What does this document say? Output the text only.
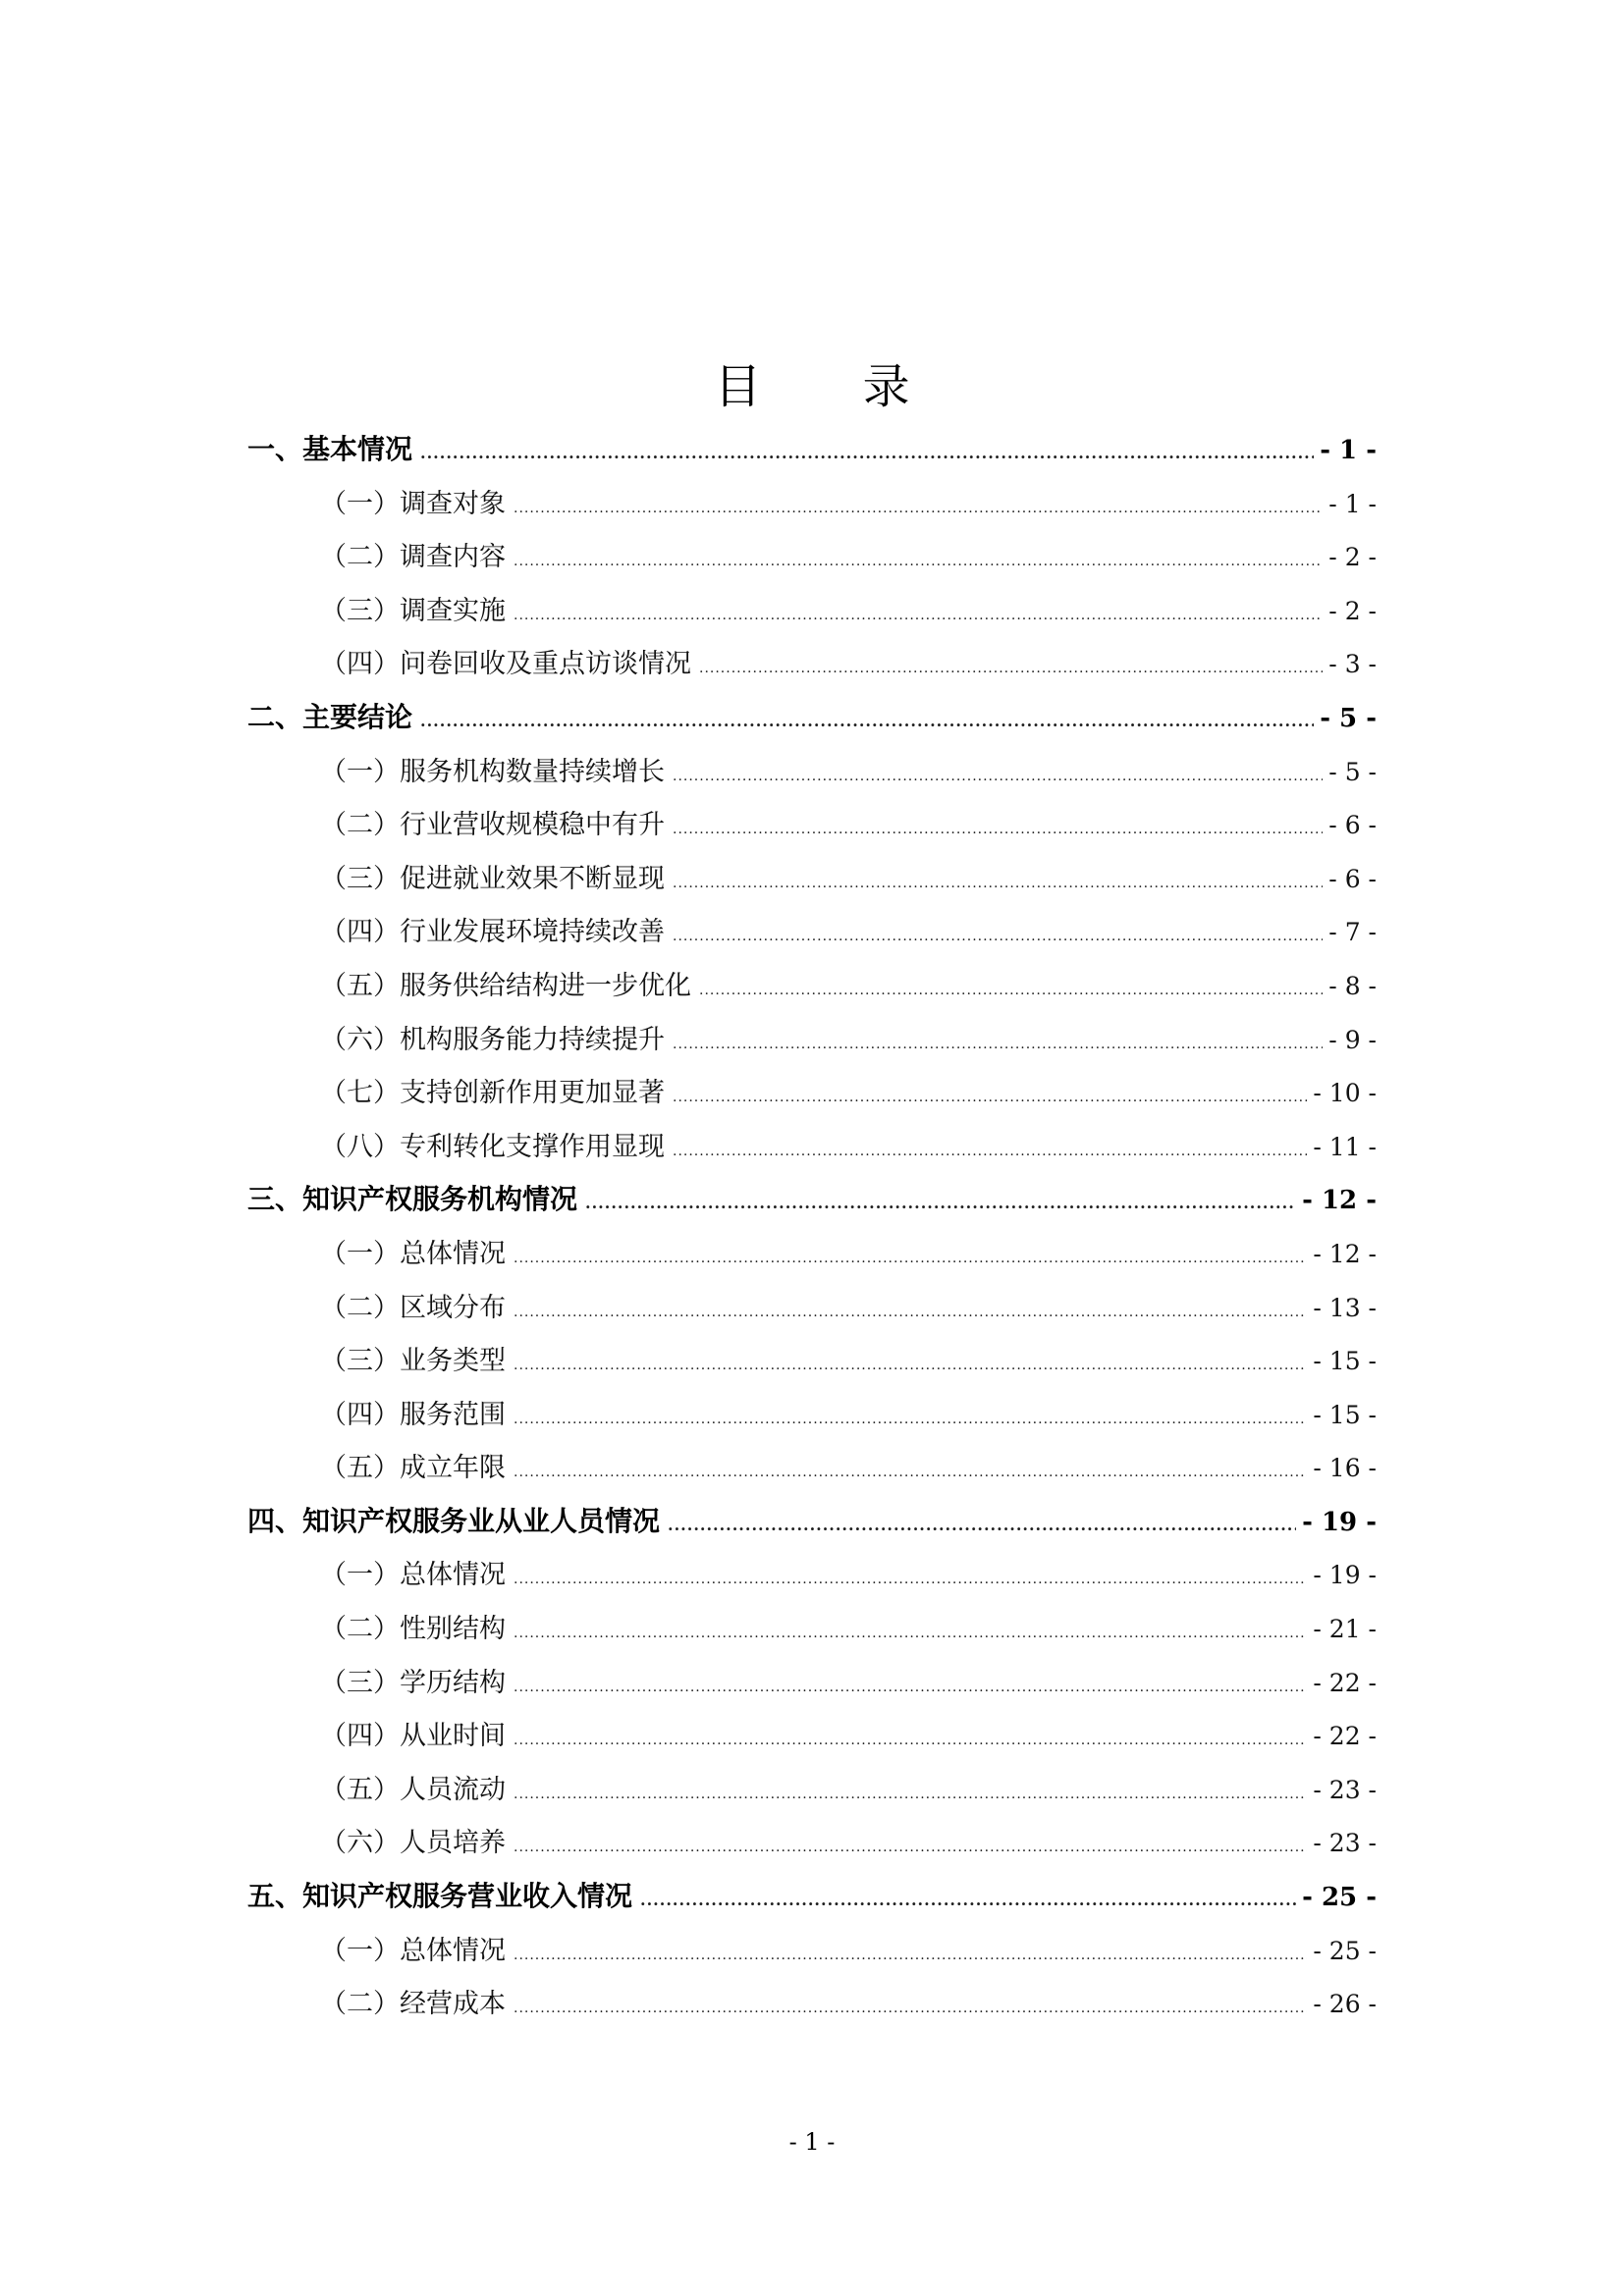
目 录
一、 基本情况 .....	- 1 -
（一） 调查对象 .....	- 1 -
（二） 调查内容 .....	- 2 -
（三） 调查实施 .....	- 2 -
（四） 问卷回收及重点访谈情况 .....	- 3 -
二、 主要结论 .....	- 5 -
（一） 服务机构数量持续增长 .....	- 5 -
（二） 行业营收规模稳中有升 .....	- 6 -
（三） 促进就业效果不断显现 .....	- 6 -
（四） 行业发展环境持续改善 .....	- 7 -
（五） 服务供给结构进一步优化 .....	- 8 -
（六） 机构服务能力持续提升 .....	- 9 -
（七） 支持创新作用更加显著 .....	- 10 -
（八） 专利转化支撑作用显现 .....	- 11 -
三、 知识产权服务机构情况 .....	- 12 -
（一） 总体情况 .....	- 12 -
（二） 区域分布 .....	- 13 -
（三） 业务类型 .....	- 15 -
（四） 服务范围 .....	- 15 -
（五） 成立年限 .....	- 16 -
四、 知识产权服务业从业人员情况 .....	- 19 -
（一） 总体情况 .....	- 19 -
（二） 性别结构 .....	- 21 -
（三） 学历结构 .....	- 22 -
（四） 从业时间 .....	- 22 -
（五） 人员流动 .....	- 23 -
（六） 人员培养 .....	- 23 -
五、 知识产权服务营业收入情况 .....	- 25 -
（一） 总体情况 .....	- 25 -
（二） 经营成本 .....	- 26 -
- 1 -
